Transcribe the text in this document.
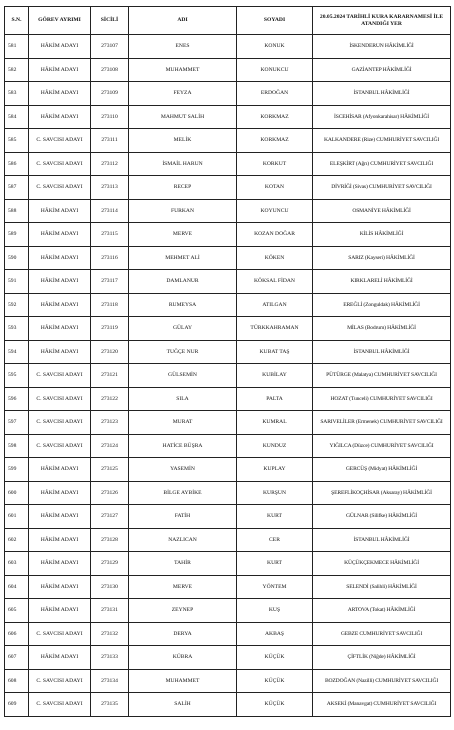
S.N.	GÖREV AYRIMI	SİCİLİ	ADI	SOYADI	20.05.2024 TARİHLİ KURA KARARNAMESİ İLE ATANDIĞI YER
581	HÂKİM ADAYI	273107	ENES	KONUK	İSKENDERUN HÂKİMLİĞİ
582	HÂKİM ADAYI	273108	MUHAMMET	KONUKCU	GAZİANTEP HÂKİMLİĞİ
583	HÂKİM ADAYI	273109	FEYZA	ERDOĞAN	İSTANBUL HÂKİMLİĞİ
584	HÂKİM ADAYI	273110	MAHMUT SALİH	KORKMAZ	İSCEHİSAR (Afyonkarahisar) HÂKİMLİĞİ
585	C. SAVCISI ADAYI	273111	MELİK	KORKMAZ	KALKANDERE (Rize) CUMHURİYET SAVCILIĞI
586	C. SAVCISI ADAYI	273112	İSMAİL HARUN	KORKUT	ELEŞKİRT (Ağrı) CUMHURİYET SAVCILIĞI
587	C. SAVCISI ADAYI	273113	RECEP	KOTAN	DİVRİĞİ (Sivas) CUMHURİYET SAVCILIĞI
588	HÂKİM ADAYI	273114	FURKAN	KOYUNCU	OSMANİYE HÂKİMLİĞİ
589	HÂKİM ADAYI	273115	MERVE	KOZAN DOĞAR	KİLİS HÂKİMLİĞİ
590	HÂKİM ADAYI	273116	MEHMET ALİ	KÖKEN	SARIZ (Kayseri) HÂKİMLİĞİ
591	HÂKİM ADAYI	273117	DAMLANUR	KÖKSAL FİDAN	KIRKLARELİ HÂKİMLİĞİ
592	HÂKİM ADAYI	273118	RUMEYSA	ATILGAN	EREĞLİ (Zonguldak) HÂKİMLİĞİ
593	HÂKİM ADAYI	273119	GÜLAY	TÜRKKAHRAMAN	MİLAS (Bodrum) HÂKİMLİĞİ
594	HÂKİM ADAYI	273120	TUĞÇE NUR	KUBAT TAŞ	İSTANBUL HÂKİMLİĞİ
595	C. SAVCISI ADAYI	273121	GÜLSEMİN	KUBİLAY	PÜTÜRGE (Malatya) CUMHURİYET SAVCILIĞI
596	C. SAVCISI ADAYI	273122	SILA	PALTA	HOZAT (Tunceli) CUMHURİYET SAVCILIĞI
597	C. SAVCISI ADAYI	273123	MURAT	KUMRAL	SARIVELİLER (Ermenek) CUMHURİYET SAVCILIĞI
598	C. SAVCISI ADAYI	273124	HATİCE BÜŞRA	KUNDUZ	YIĞILCA (Düzce) CUMHURİYET SAVCILIĞI
599	HÂKİM ADAYI	273125	YASEMİN	KUPLAY	GERCÜŞ (Midyat) HÂKİMLİĞİ
600	HÂKİM ADAYI	273126	BİLGE AYBİKE	KURŞUN	ŞEREFLİKOÇHİSAR (Aksaray) HÂKİMLİĞİ
601	HÂKİM ADAYI	273127	FATİH	KURT	GÜLNAR (Silifke) HÂKİMLİĞİ
602	HÂKİM ADAYI	273128	NAZLICAN	CER	İSTANBUL HÂKİMLİĞİ
603	HÂKİM ADAYI	273129	TAHİR	KURT	KÜÇÜKÇEKMECE HÂKİMLİĞİ
604	HÂKİM ADAYI	273130	MERVE	YÖNTEM	SELENDİ (Salihli) HÂKİMLİĞİ
605	HÂKİM ADAYI	273131	ZEYNEP	KUŞ	ARTOVA (Tokat) HÂKİMLİĞİ
606	C. SAVCISI ADAYI	273132	DERYA	AKBAŞ	GEBZE CUMHURİYET SAVCILIĞI
607	HÂKİM ADAYI	273133	KÜBRA	KÜÇÜK	ÇİFTLİK (Niğde) HÂKİMLİĞİ
608	C. SAVCISI ADAYI	273134	MUHAMMET	KÜÇÜK	BOZDOĞAN (Nazilli) CUMHURİYET SAVCILIĞI
609	C. SAVCISI ADAYI	273135	SALİH	KÜÇÜK	AKSEKİ (Manavgat) CUMHURİYET SAVCILIĞI
